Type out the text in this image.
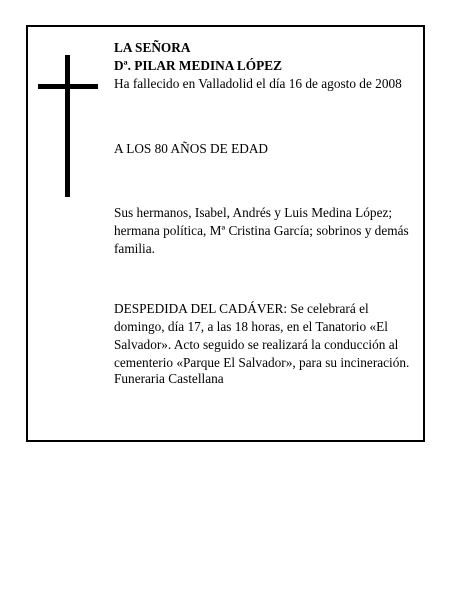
LA SEÑORA
Dª. PILAR MEDINA LÓPEZ
Ha fallecido en Valladolid el día 16 de agosto de 2008
A LOS 80 AÑOS DE EDAD
Sus hermanos, Isabel, Andrés y Luis Medina López;
hermana política, Mª Cristina García; sobrinos y demás
familia.
DESPEDIDA DEL CADÁVER: Se celebrará el
domingo, día 17, a las 18 horas, en el Tanatorio «El
Salvador». Acto seguido se realizará la conducción al
cementerio «Parque El Salvador», para su incineración.
Funeraria Castellana
